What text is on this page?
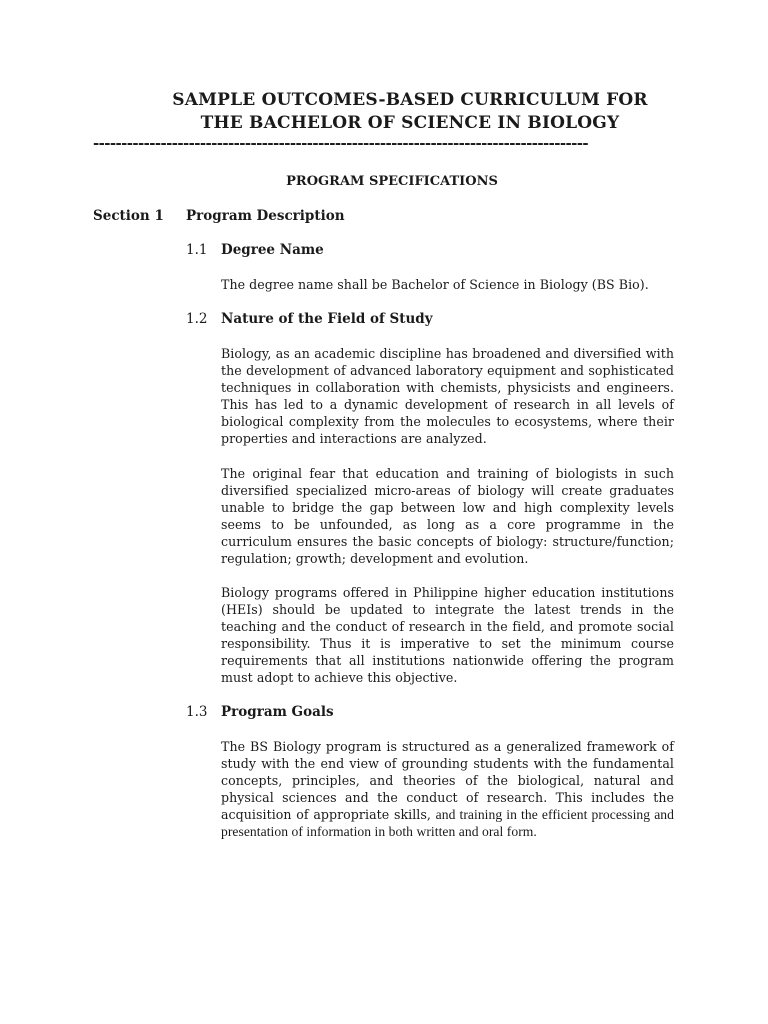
SAMPLE OUTCOMES-BASED CURRICULUM FOR
THE BACHELOR OF SCIENCE IN BIOLOGY
----------------------------------------------------------------------------------------
PROGRAM SPECIFICATIONS
Section 1 Program Description
1.1 Degree Name
The degree name shall be Bachelor of Science in Biology (BS Bio).
1.2 Nature of the Field of Study
Biology, as an academic discipline has broadened and diversified with the development of advanced laboratory equipment and sophisticated techniques in collaboration with chemists, physicists and engineers. This has led to a dynamic development of research in all levels of biological complexity from the molecules to ecosystems, where their properties and interactions are analyzed.
The original fear that education and training of biologists in such diversified specialized micro-areas of biology will create graduates unable to bridge the gap between low and high complexity levels seems to be unfounded, as long as a core programme in the curriculum ensures the basic concepts of biology: structure/function; regulation; growth; development and evolution.
Biology programs offered in Philippine higher education institutions (HEIs) should be updated to integrate the latest trends in the teaching and the conduct of research in the field, and promote social responsibility. Thus it is imperative to set the minimum course requirements that all institutions nationwide offering the program must adopt to achieve this objective.
1.3 Program Goals
The BS Biology program is structured as a generalized framework of study with the end view of grounding students with the fundamental concepts, principles, and theories of the biological, natural and physical sciences and the conduct of research. This includes the acquisition of appropriate skills, and training in the efficient processing and presentation of information in both written and oral form.
